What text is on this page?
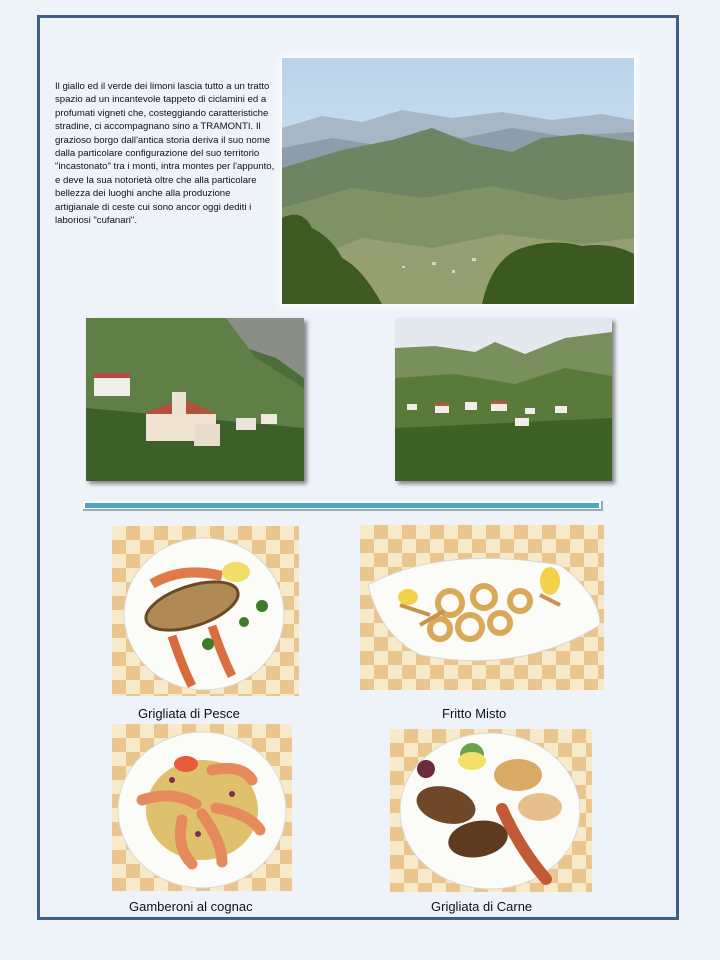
Il giallo ed il verde dei limoni lascia tutto a un tratto spazio ad un incantevole tappeto di ciclamini ed a profumati vigneti che, costeggiando caratteristiche stradine, ci accompagnano sino a TRAMONTI. Il grazioso borgo dall'antica storia deriva il suo nome dalla particolare configurazione del suo territorio "incastonato" tra i monti, intra montes per l'appunto, e deve la sua notorietà oltre che alla particolare bellezza dei luoghi anche alla produzione artigianale di ceste cui sono ancor oggi dediti i laboriosi "cufanari".

Grigliata di Pesce	Fritto Misto
Gamberoni al cognac	Grigliata di Carne
